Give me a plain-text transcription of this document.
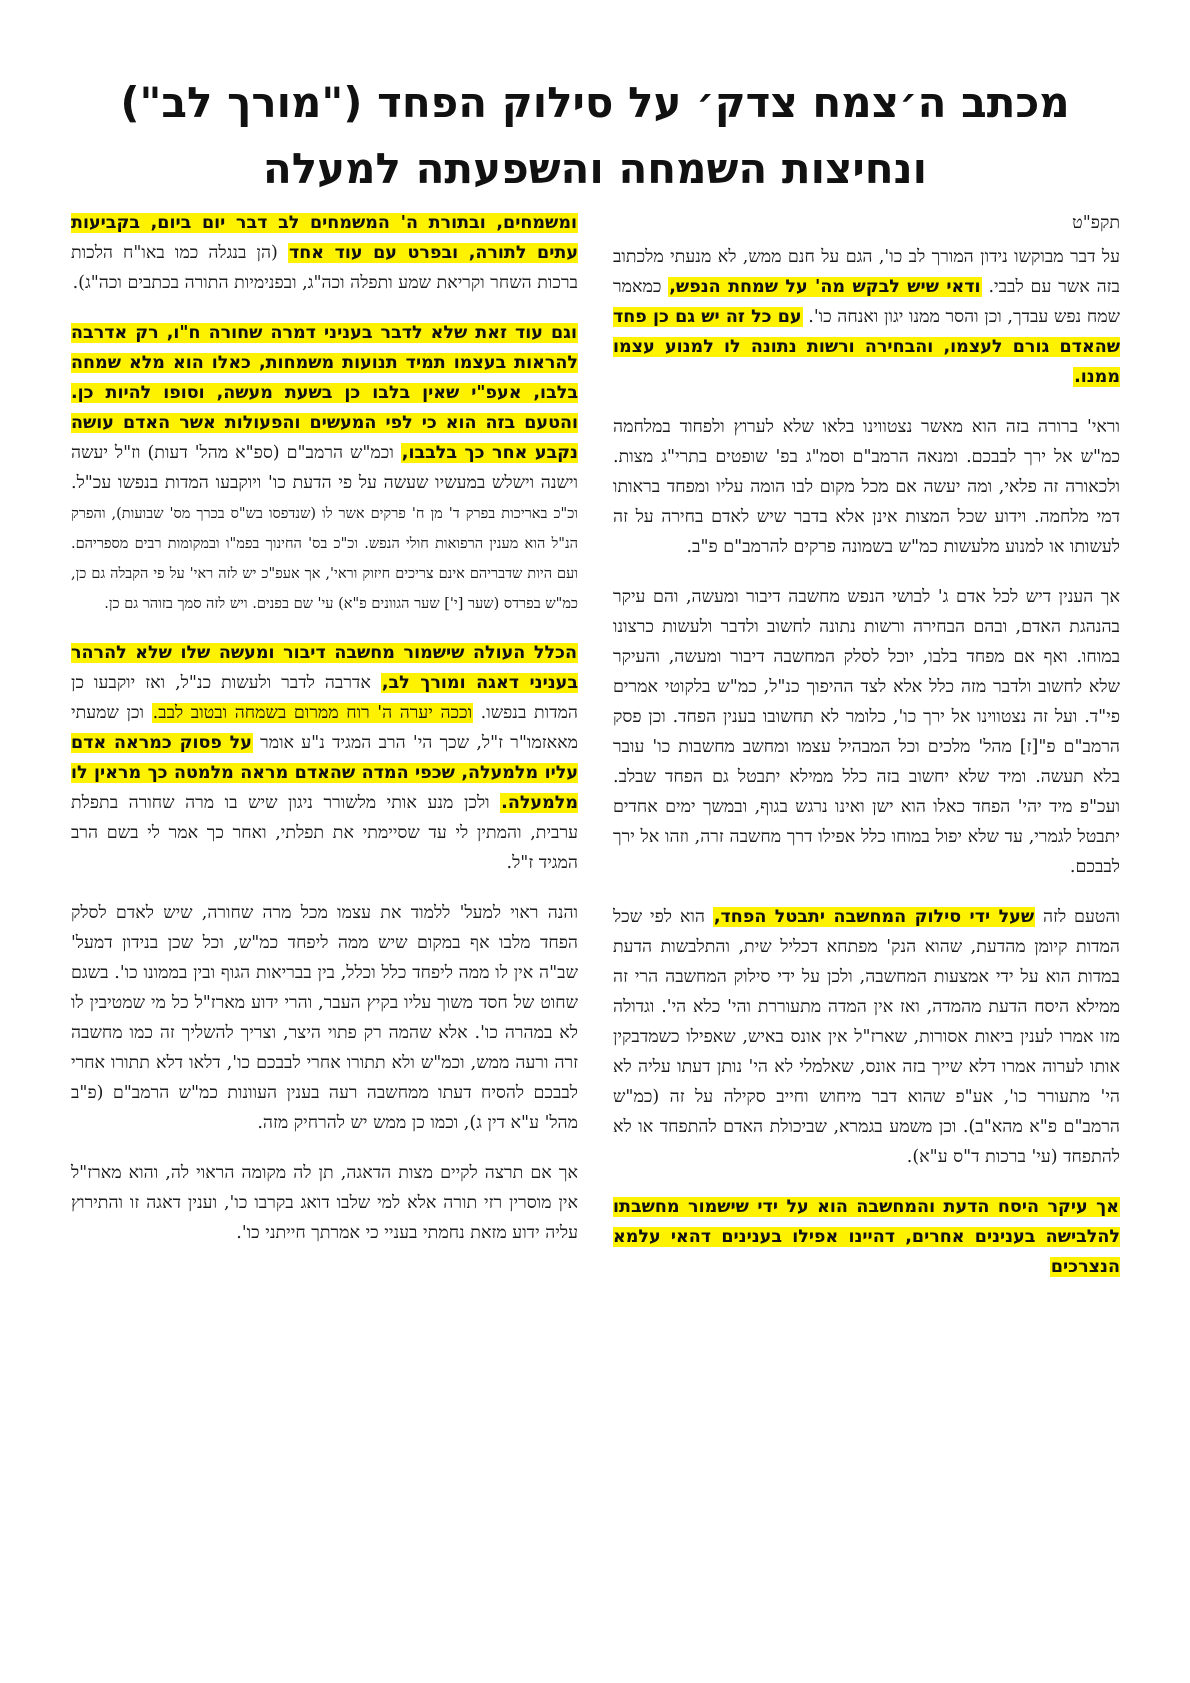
מכתב ה׳צמח צדק׳ על סילוק הפחד ("מורך לב")
ונחיצות השמחה והשפעתה למעלה
תקפ"ט

על דבר מבוקשו נידון המורך לב כו', הגם על חנם ממש, לא מנעתי מלכתוב בזה אשר עם לבבי. ודאי שיש לבקש מה' על שמחת הנפש, כמאמר שמח נפש עבדך, וכן והסר ממנו יגון ואנחה כו'. עם כל זה יש גם כן פחד שהאדם גורם לעצמו, והבחירה ורשות נתונה לו למנוע עצמו ממנו.

וראי' ברורה בזה הוא מאשר נצטווינו בלאו שלא לערוץ ולפחוד במלחמה כמ"ש אל ירך לבבכם. ומנאה הרמב"ם וסמ"ג בפ' שופטים בתרי"ג מצות. ולכאורה זה פלאי, ומה יעשה אם מכל מקום לבו הומה עליו ומפחד בראותו דמי מלחמה. וידוע שכל המצות אינן אלא בדבר שיש לאדם בחירה על זה לעשותו או למנוע מלעשות כמ"ש בשמונה פרקים להרמב"ם פ"ב.

אך הענין דיש לכל אדם ג' לבושי הנפש מחשבה דיבור ומעשה, והם עיקר בהנהגת האדם, ובהם הבחירה ורשות נתונה לחשוב ולדבר ולעשות כרצונו במוחו. ואף אם מפחד בלבו, יוכל לסלק המחשבה דיבור ומעשה, והעיקר שלא לחשוב ולדבר מזה כלל אלא לצד ההיפוך כנ"ל, כמ"ש בלקוטי אמרים פי"ד. ועל זה נצטווינו אל ירך כו', כלומר לא תחשובו בענין הפחד. וכן פסק הרמב"ם פ"[ז] מהל' מלכים וכל המבהיל עצמו ומחשב מחשבות כו' עובר בלא תעשה. ומיד שלא יחשוב בזה כלל ממילא יתבטל גם הפחד שבלב. ועכ"פ מיד יהי' הפחד כאלו הוא ישן ואינו נרגש בגוף, ובמשך ימים אחדים יתבטל לגמרי, עד שלא יפול במוחו כלל אפילו דרך מחשבה זרה, וזהו אל ירך לבבכם.

והטעם לזה שעל ידי סילוק המחשבה יתבטל הפחד, הוא לפי שכל המדות קיומן מהדעת, שהוא הנק' מפתחא דכליל שית, והתלבשות הדעת במדות הוא על ידי אמצעות המחשבה, ולכן על ידי סילוק המחשבה הרי זה ממילא היסח הדעת מהמדה, ואז אין המדה מתעוררת והי' כלא הי'. וגדולה מזו אמרו לענין ביאות אסורות, שארז"ל אין אונס באיש, שאפילו כשמדבקין אותו לערוה אמרו דלא שייך בזה אונס, שאלמלי לא הי' נותן דעתו עליה לא הי' מתעורר כו', אע"פ שהוא דבר מיחוש וחייב סקילה על זה (כמ"ש הרמב"ם פ"א מהא"ב). וכן משמע בגמרא, שביכולת האדם להתפחד או לא להתפחד (עי' ברכות ד"ס ע"א).

אך עיקר היסח הדעת והמחשבה הוא על ידי שישמור מחשבתו להלבישה בענינים אחרים, דהיינו אפילו בענינים דהאי עלמא הנצרכים

ומשמחים, ובתורת ה' המשמחים לב דבר יום ביום, בקביעות עתים לתורה, ובפרט עם עוד אחד (הן בנגלה כמו באו"ח הלכות ברכות השחר וקריאת שמע ותפלה וכה"ג, ובפנימיות התורה בכתבים וכה"ג).

וגם עוד זאת שלא לדבר בעניני דמרה שחורה ח"ו, רק אדרבה להראות בעצמו תמיד תנועות משמחות, כאלו הוא מלא שמחה בלבו, אעפ"י שאין בלבו כן בשעת מעשה, וסופו להיות כן. והטעם בזה הוא כי לפי המעשים והפעולות אשר האדם עושה נקבע אחר כך בלבבו, וכמ"ש הרמב"ם (ספ"א מהל' דעות) וז"ל יעשה וישנה וישלש במעשיו שעשה על פי הדעת כו' ויוקבעו המדות בנפשו עכ"ל. וכ"כ באריכות בפרק ד' מן ח' פרקים אשר לו (שנדפסו בש"ס בכרך מס' שבועות), והפרק הנ"ל הוא מענין הרפואות חולי הנפש. וכ"כ בס' החינוך בפמ"ו ובמקומות רבים מספריהם. ועם היות שדבריהם אינם צריכים חיזוק וראי', אך אעפ"כ יש לזה ראי' על פי הקבלה גם כן, כמ"ש בפרדס (שער [י'] שער הגוונים פ"א) עי' שם בפנים. ויש לזה סמך בזוהר גם כן.

הכלל העולה שישמור מחשבה דיבור ומעשה שלו שלא להרהר בעניני דאגה ומורך לב, אדרבה לדבר ולעשות כנ"ל, ואז יוקבעו כן המדות בנפשו. וככה יערה ה' רוח ממרום בשמחה ובטוב לבב. וכן שמעתי מאאזמו"ר ז"ל, שכך הי' הרב המגיד נ"ע אומר על פסוק כמראה אדם עליו מלמעלה, שכפי המדה שהאדם מראה מלמטה כך מראין לו מלמעלה. ולכן מנע אותי מלשורר ניגון שיש בו מרה שחורה בתפלת ערבית, והמתין לי עד שסיימתי את תפלתי, ואחר כך אמר לי בשם הרב המגיד ז"ל.

והנה ראוי למעל' ללמוד את עצמו מכל מרה שחורה, שיש לאדם לסלק הפחד מלבו אף במקום שיש ממה ליפחד כמ"ש, וכל שכן בנידון דמעל' שב"ה אין לו ממה ליפחד כלל וכלל, בין בבריאות הגוף ובין בממונו כו'. בשגם שחוט של חסד משוך עליו בקיץ העבר, והרי ידוע מארז"ל כל מי שמטיבין לו לא במהרה כו'. אלא שהמה רק פתוי היצר, וצריך להשליך זה כמו מחשבה זרה ורעה ממש, וכמ"ש ולא תתורו אחרי לבבכם כו', דלאו דלא תתורו אחרי לבבכם להסיח דעתו ממחשבה רעה בענין העוונות כמ"ש הרמב"ם (פ"ב מהל' ע"א דין ג), וכמו כן ממש יש להרחיק מזה.

אך אם תרצה לקיים מצות הדאגה, תן לה מקומה הראוי לה, והוא מארז"ל אין מוסרין רזי תורה אלא למי שלבו דואג בקרבו כו', וענין דאגה זו והתירוץ עליה ידוע מזאת נחמתי בעניי כי אמרתך חייתני כו'.
